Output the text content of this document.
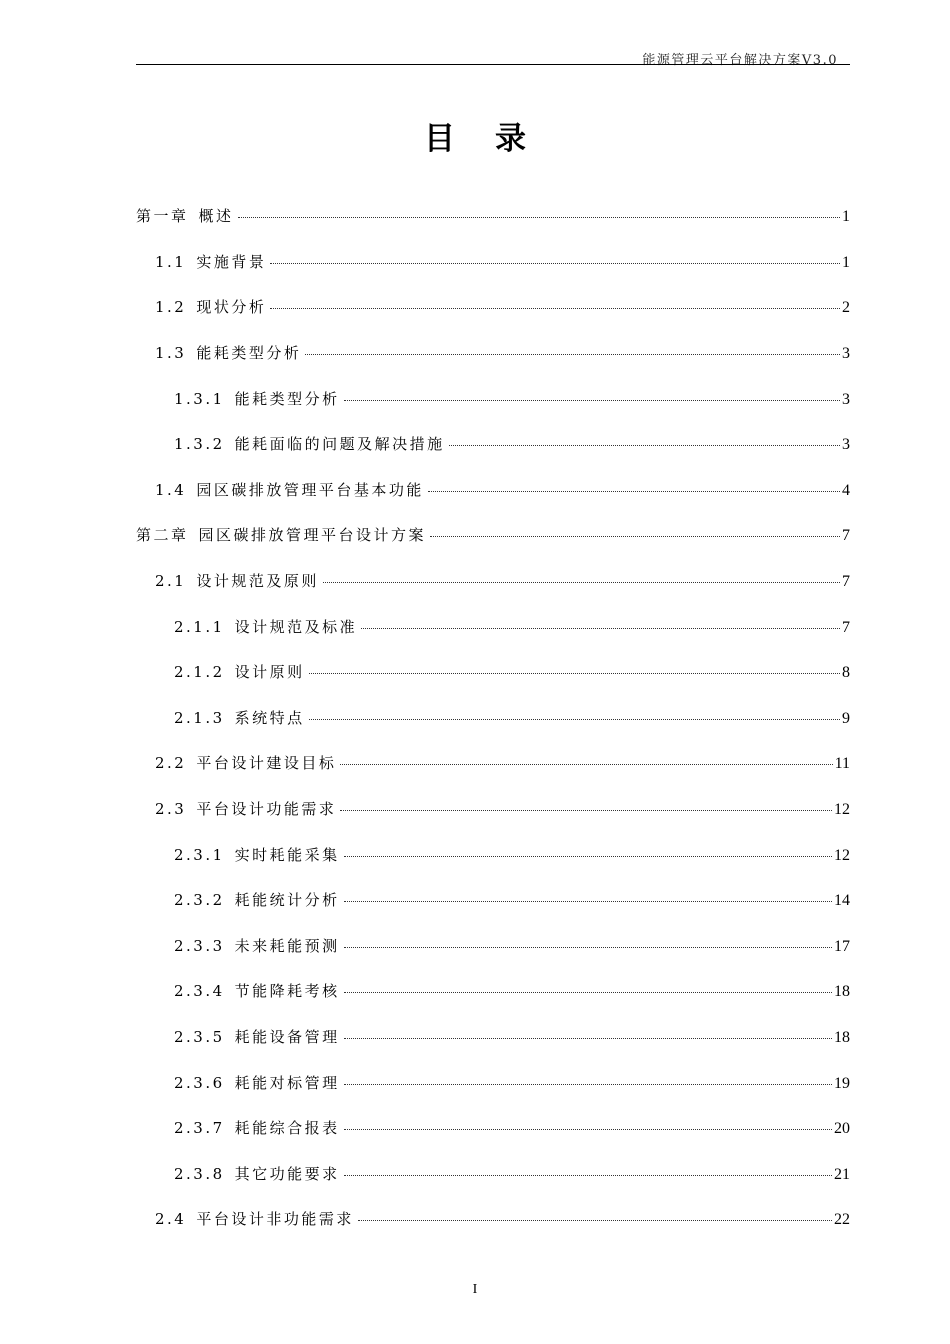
能源管理云平台解决方案V3.0
目录
第一章 概述	1
1.1 实施背景	1
1.2 现状分析	2
1.3 能耗类型分析	3
1.3.1 能耗类型分析	3
1.3.2 能耗面临的问题及解决措施	3
1.4 园区碳排放管理平台基本功能	4
第二章 园区碳排放管理平台设计方案	7
2.1 设计规范及原则	7
2.1.1 设计规范及标准	7
2.1.2 设计原则	8
2.1.3 系统特点	9
2.2 平台设计建设目标	11
2.3 平台设计功能需求	12
2.3.1 实时耗能采集	12
2.3.2 耗能统计分析	14
2.3.3 未来耗能预测	17
2.3.4 节能降耗考核	18
2.3.5 耗能设备管理	18
2.3.6 耗能对标管理	19
2.3.7 耗能综合报表	20
2.3.8 其它功能要求	21
2.4 平台设计非功能需求	22
I
